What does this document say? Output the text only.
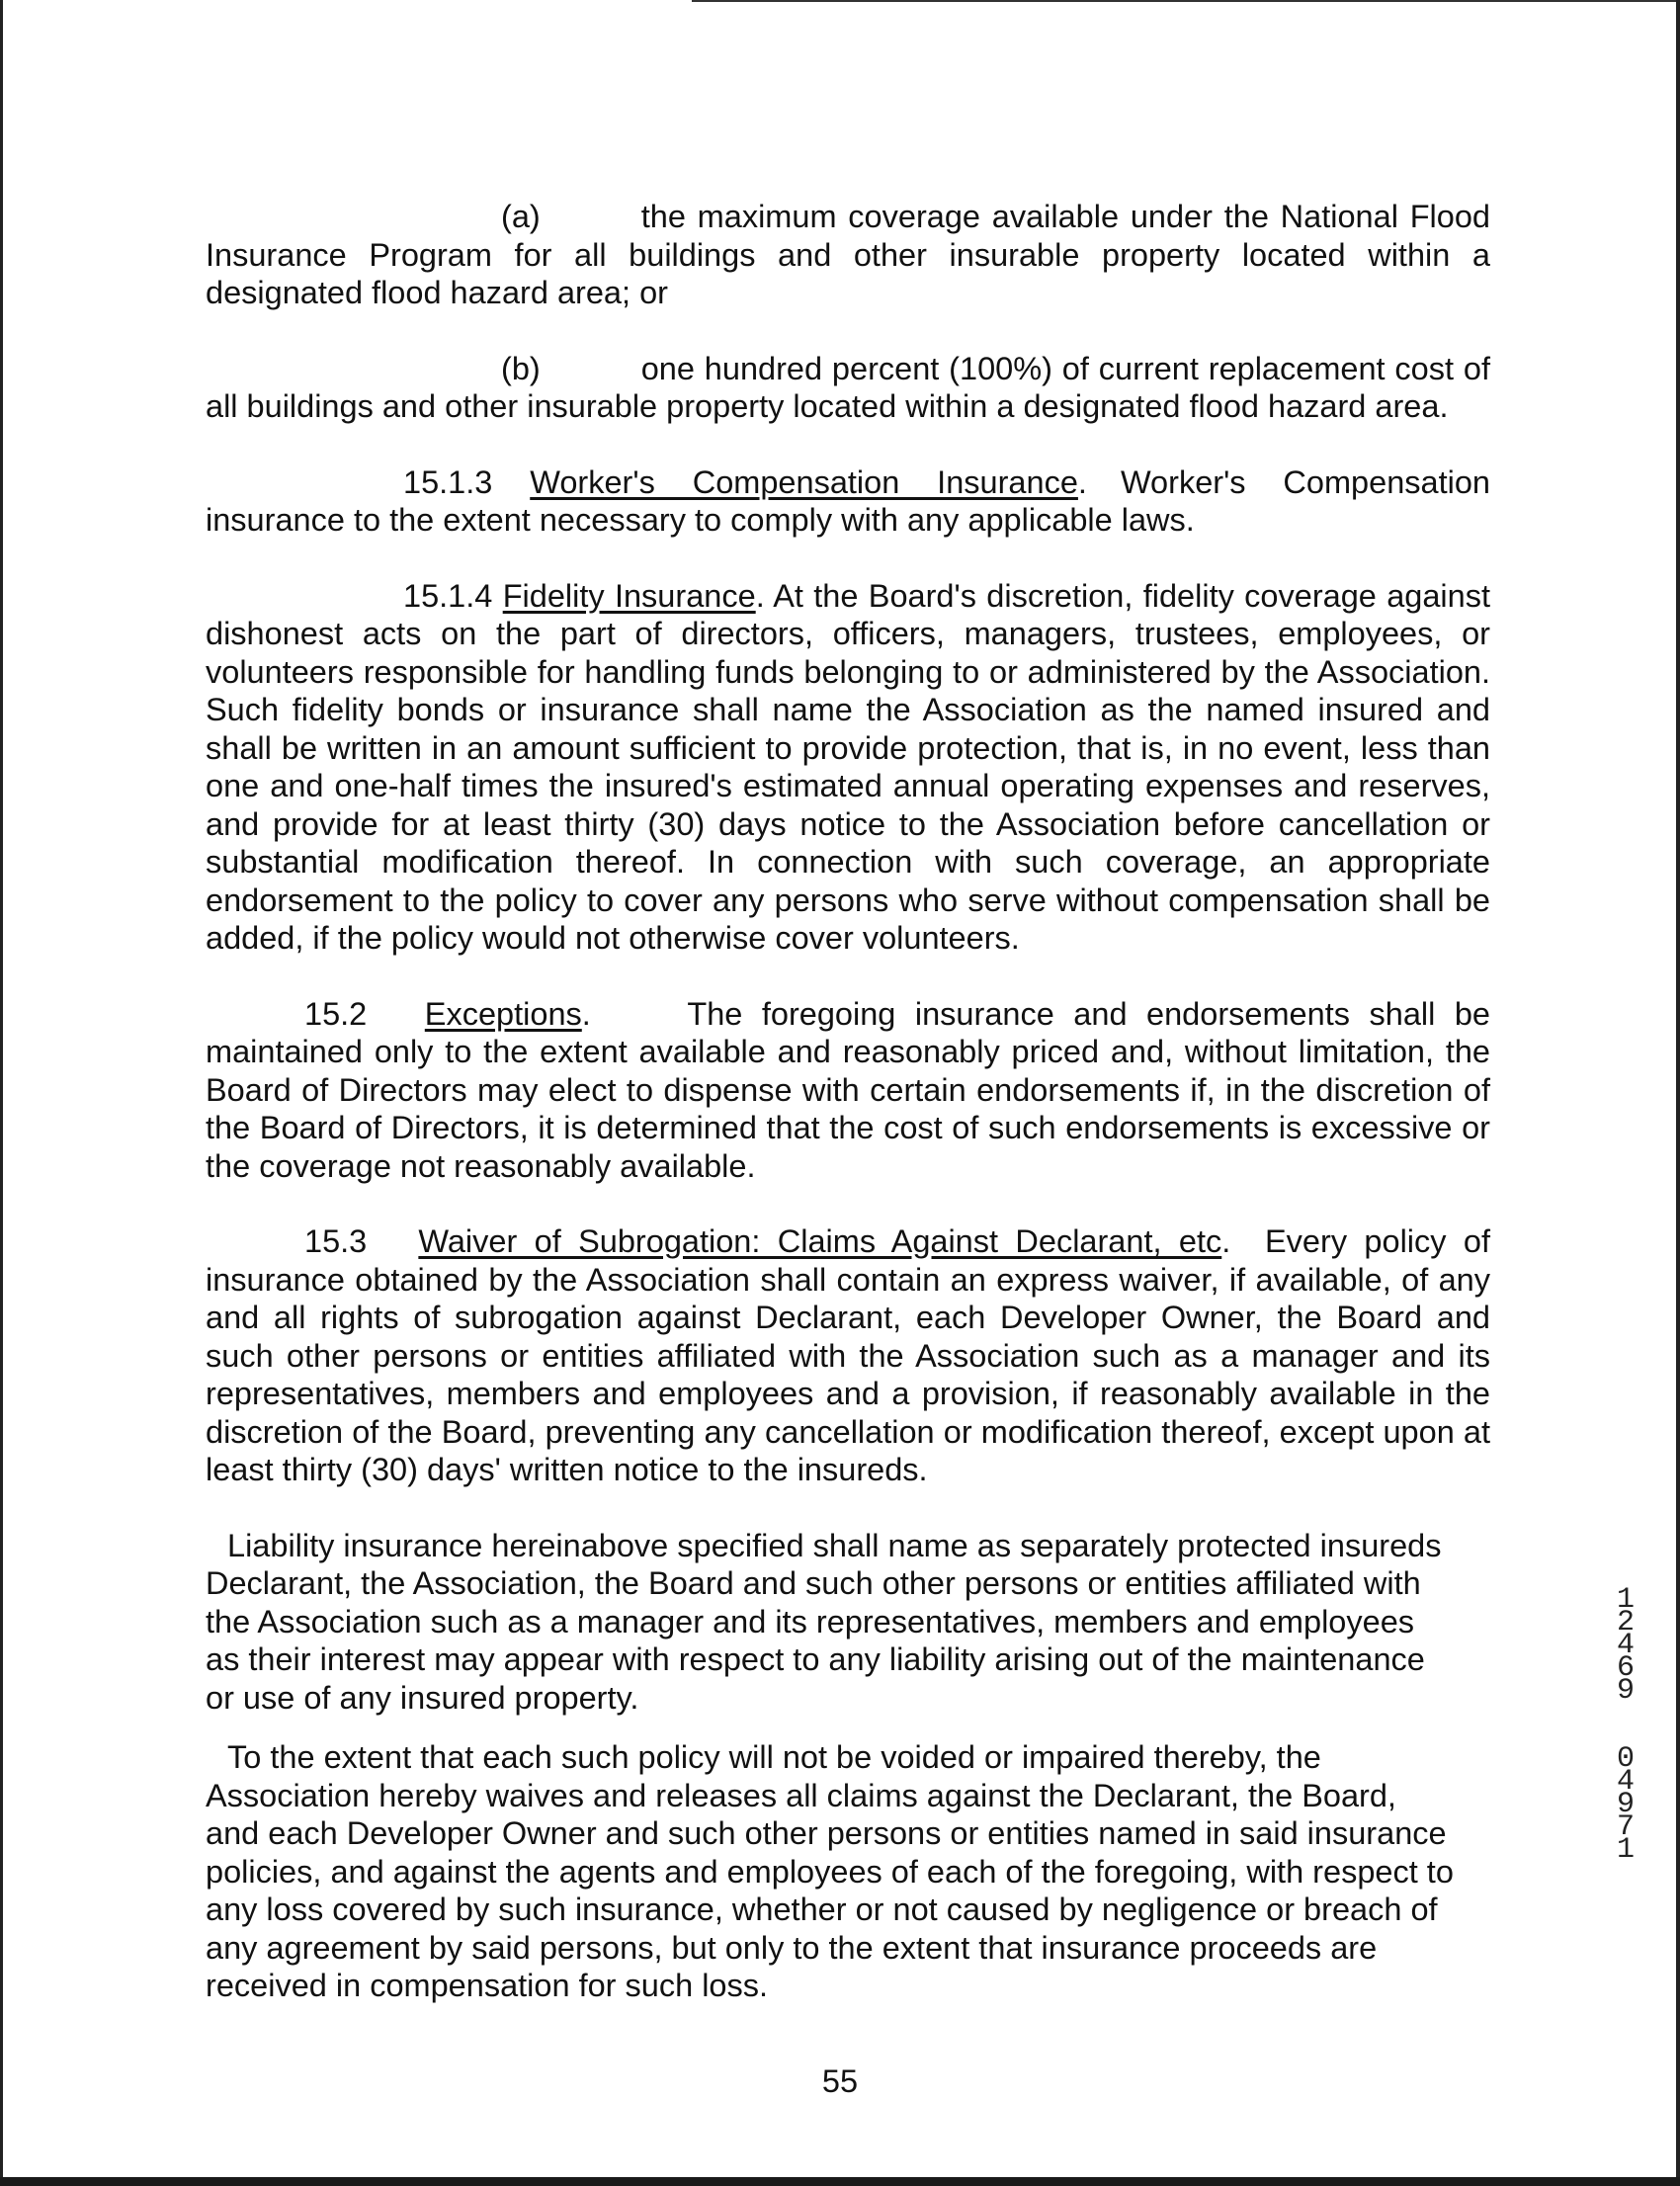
(a)	the maximum coverage available under the National Flood Insurance Program for all buildings and other insurable property located within a designated flood hazard area; or

(b)	one hundred percent (100%) of current replacement cost of all buildings and other insurable property located within a designated flood hazard area.

15.1.3 Worker's Compensation Insurance. Worker's Compensation insurance to the extent necessary to comply with any applicable laws.

15.1.4 Fidelity Insurance. At the Board's discretion, fidelity coverage against dishonest acts on the part of directors, officers, managers, trustees, employees, or volunteers responsible for handling funds belonging to or administered by the Association. Such fidelity bonds or insurance shall name the Association as the named insured and shall be written in an amount sufficient to provide protection, that is, in no event, less than one and one-half times the insured's estimated annual operating expenses and reserves, and provide for at least thirty (30) days notice to the Association before cancellation or substantial modification thereof. In connection with such coverage, an appropriate endorsement to the policy to cover any persons who serve without compensation shall be added, if the policy would not otherwise cover volunteers.

15.2 Exceptions.     The foregoing insurance and endorsements shall be maintained only to the extent available and reasonably priced and, without limitation, the Board of Directors may elect to dispense with certain endorsements if, in the discretion of the Board of Directors, it is determined that the cost of such endorsements is excessive or the coverage not reasonably available.

15.3 Waiver of Subrogation: Claims Against Declarant, etc.  Every policy of insurance obtained by the Association shall contain an express waiver, if available, of any and all rights of subrogation against Declarant, each Developer Owner, the Board and such other persons or entities affiliated with the Association such as a manager and its representatives, members and employees and a provision, if reasonably available in the discretion of the Board, preventing any cancellation or modification thereof, except upon at least thirty (30) days' written notice to the insureds.

Liability insurance hereinabove specified shall name as separately protected insureds Declarant, the Association, the Board and such other persons or entities affiliated with the Association such as a manager and its representatives, members and employees as their interest may appear with respect to any liability arising out of the maintenance or use of any insured property.

To the extent that each such policy will not be voided or impaired thereby, the Association hereby waives and releases all claims against the Declarant, the Board, and each Developer Owner and such other persons or entities named in said insurance policies, and against the agents and employees of each of the foregoing, with respect to any loss covered by such insurance, whether or not caused by negligence or breach of any agreement by said persons, but only to the extent that insurance proceeds are received in compensation for such loss.

1
2
4
6
9

0
4
9
7
1
55
